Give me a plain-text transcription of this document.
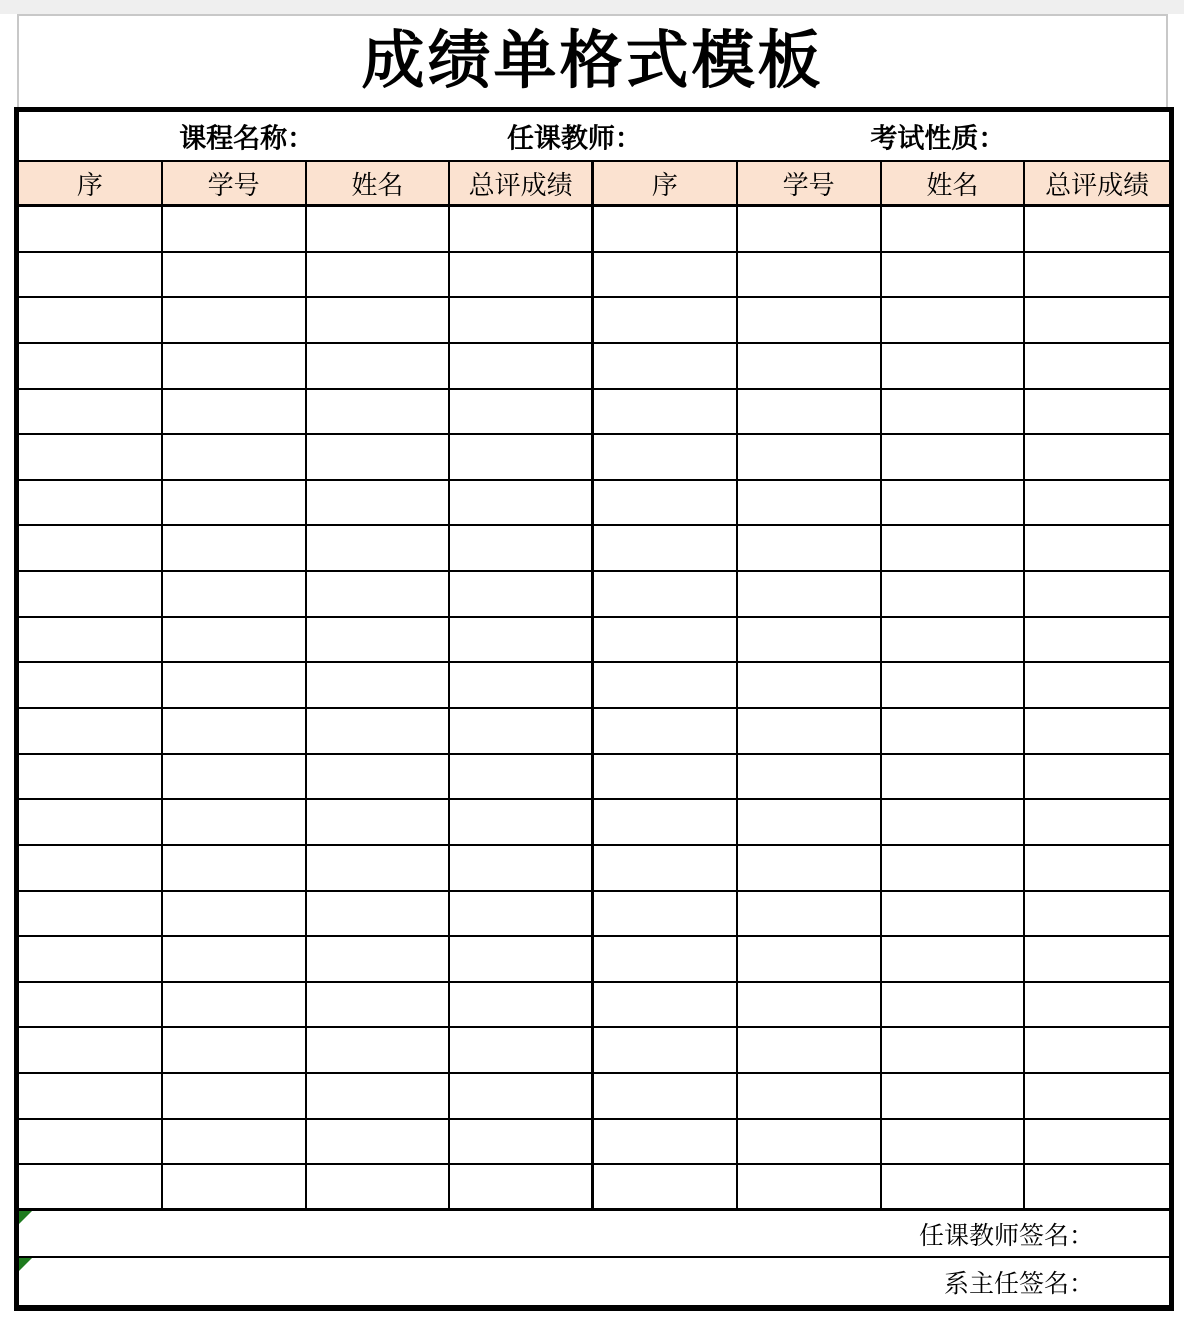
成绩单格式模板
课程名称：	任课教师：	考试性质：
序	学号	姓名	总评成绩	序	学号	姓名	总评成绩
任课教师签名：
系主任签名：
